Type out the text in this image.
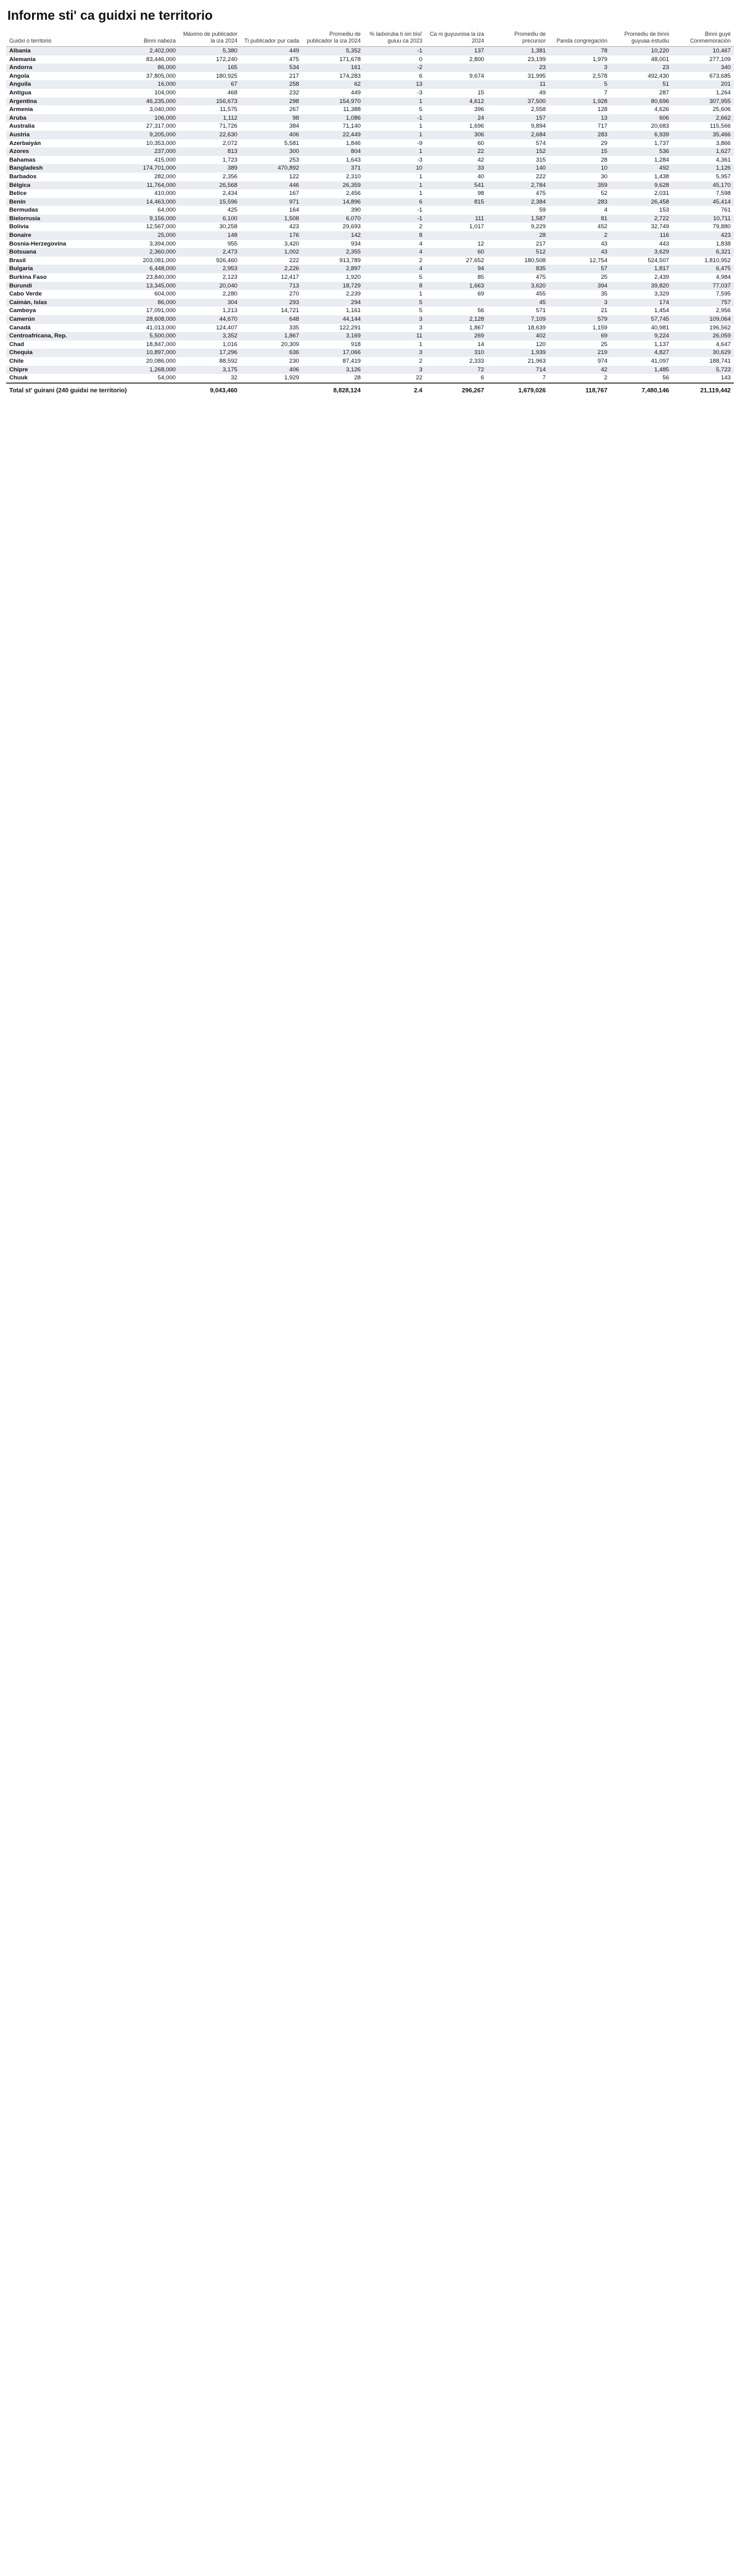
Informe sti' ca guidxi ne territorio
Guidxi o territorio	Binni nabeza	Máximo de publicador la iza 2024	Ti publicador pur cada	Promediu de publicador la iza 2024	% ladxiruba ti sin bisi' guiuu ca 2023	Ca ni guyuunisa la iza 2024	Promediu de precursor	Panda congregación	Promediu de binni guyuaa estudiu	Binni guyé Conmemoración
Albania	2,402,000	5,380	449	5,352	-1	137	1,381	78	10,220	10,467
Alemania	83,446,000	172,240	475	171,678	0	2,800	23,199	1,979	48,001	277,109
Andorra	86,000	165	534	161	-2		23	3	23	340
Angola	37,805,000	180,925	217	174,283	6	9,674	31,995	2,578	492,430	673,685
Anguila	16,000	67	258	62	13		11	5	51	201
Antigua	104,000	468	232	449	-3	15	49	7	287	1,264
Argentina	46,235,000	156,673	298	154,970	1	4,612	37,500	1,928	80,696	307,955
Armenia	3,040,000	11,575	267	11,388	5	396	2,558	128	4,626	25,606
Aruba	106,000	1,112	98	1,086	-1	24	157	13	606	2,662
Australia	27,317,000	71,726	384	71,140	1	1,696	9,894	717	20,683	115,566
Austria	9,205,000	22,630	406	22,449	1	306	2,684	283	6,939	35,466
Azerbaiyán	10,353,000	2,072	5,581	1,846	-9	60	574	29	1,737	3,866
Azores	237,000	813	300	804	1	22	152	15	536	1,627
Bahamas	415,000	1,723	253	1,643	-3	42	315	28	1,284	4,361
Bangladesh	174,701,000	389	470,892	371	10	33	140	10	492	1,126
Barbados	282,000	2,356	122	2,310	1	40	222	30	1,438	5,957
Bélgica	11,764,000	26,568	446	26,359	1	541	2,784	359	9,628	45,170
Belice	410,000	2,434	167	2,456	1	98	475	52	2,031	7,598
Benín	14,463,000	15,596	971	14,896	6	815	2,384	283	26,458	45,414
Bermudas	64,000	425	164	390	-1		59	4	153	761
Bielorrusia	9,156,000	6,100	1,508	6,070	-1	111	1,587	81	2,722	10,711
Bolivia	12,567,000	30,258	423	29,693	2	1,017	9,229	452	32,749	79,880
Bonaire	25,000	148	176	142	8		28	2	116	423
Bosnia-Herzegovina	3,394,000	955	3,420	934	4	12	217	43	443	1,838
Botsuana	2,360,000	2,473	1,002	2,355	4	60	512	43	3,629	6,321
Brasil	203,081,000	926,460	222	913,789	2	27,652	180,508	12,754	524,507	1,810,952
Bulgaria	6,448,000	2,953	2,226	2,897	4	94	835	57	1,817	6,475
Burkina Faso	23,840,000	2,123	12,417	1,920	5	85	475	25	2,439	4,984
Burundi	13,345,000	20,040	713	18,729	8	1,663	3,620	394	39,820	77,037
Cabo Verde	604,000	2,280	270	2,239	1	69	455	35	3,329	7,595
Caimán, Islas	86,000	304	293	294	5		45	3	174	757
Camboya	17,091,000	1,213	14,721	1,161	5	56	571	21	1,454	2,956
Camerún	28,608,000	44,670	648	44,144	3	2,128	7,109	579	57,745	109,064
Canadá	41,013,000	124,407	335	122,291	3	1,867	18,639	1,159	40,981	196,562
Centroafricana, Rep.	5,500,000	3,352	1,867	3,169	11	269	402	69	9,224	26,059
Chad	18,847,000	1,016	20,309	918	1	14	120	25	1,137	4,647
Chequia	10,897,000	17,296	636	17,066	3	310	1,939	219	4,827	30,629
Chile	20,086,000	88,592	230	87,419	2	2,333	21,963	974	41,097	188,741
Chipre	1,268,000	3,175	406	3,126	3	72	714	42	1,485	5,723
Chuuk	54,000	32	1,929	28	22	6	7	2	56	143
Total st' guirani (240 guidxi ne territorio)		9,043,460		8,828,124	2.4	296,267	1,679,026	118,767	7,480,146	21,119,442
